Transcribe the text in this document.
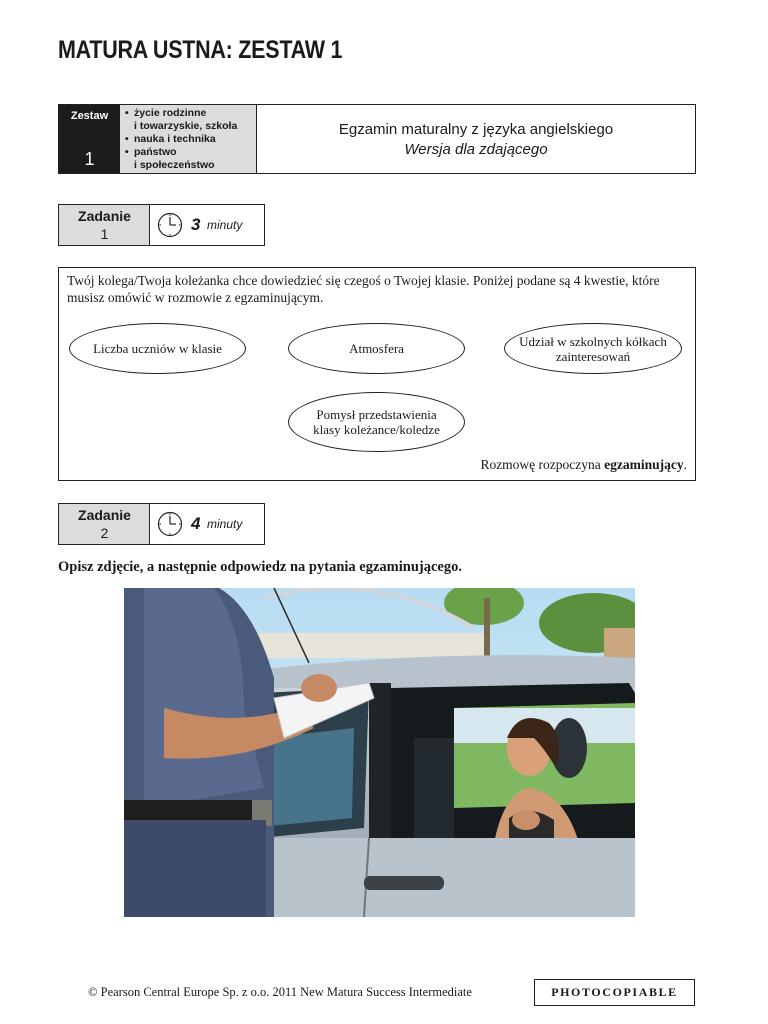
MATURA USTNA: ZESTAW 1
Zestaw
1
• życie rodzinne
i towarzyskie, szkoła
• nauka i technika
• państwo
i społeczeństwo
Egzamin maturalny z języka angielskiego
Wersja dla zdającego
Zadanie
1	3 minuty
Twój kolega/Twoja koleżanka chce dowiedzieć się czegoś o Twojej klasie. Poniżej podane są 4 kwestie, które musisz omówić w rozmowie z egzaminującym.
Liczba uczniów w klasie	Atmosfera	Udział w szkolnych kółkach zainteresowań
Pomysł przedstawienia klasy koleżance/koledze
Rozmowę rozpoczyna egzaminujący.
Zadanie
2	4 minuty
Opisz zdjęcie, a następnie odpowiedz na pytania egzaminującego.
© Pearson Central Europe Sp. z o.o. 2011 New Matura Success Intermediate	PHOTOCOPIABLE
